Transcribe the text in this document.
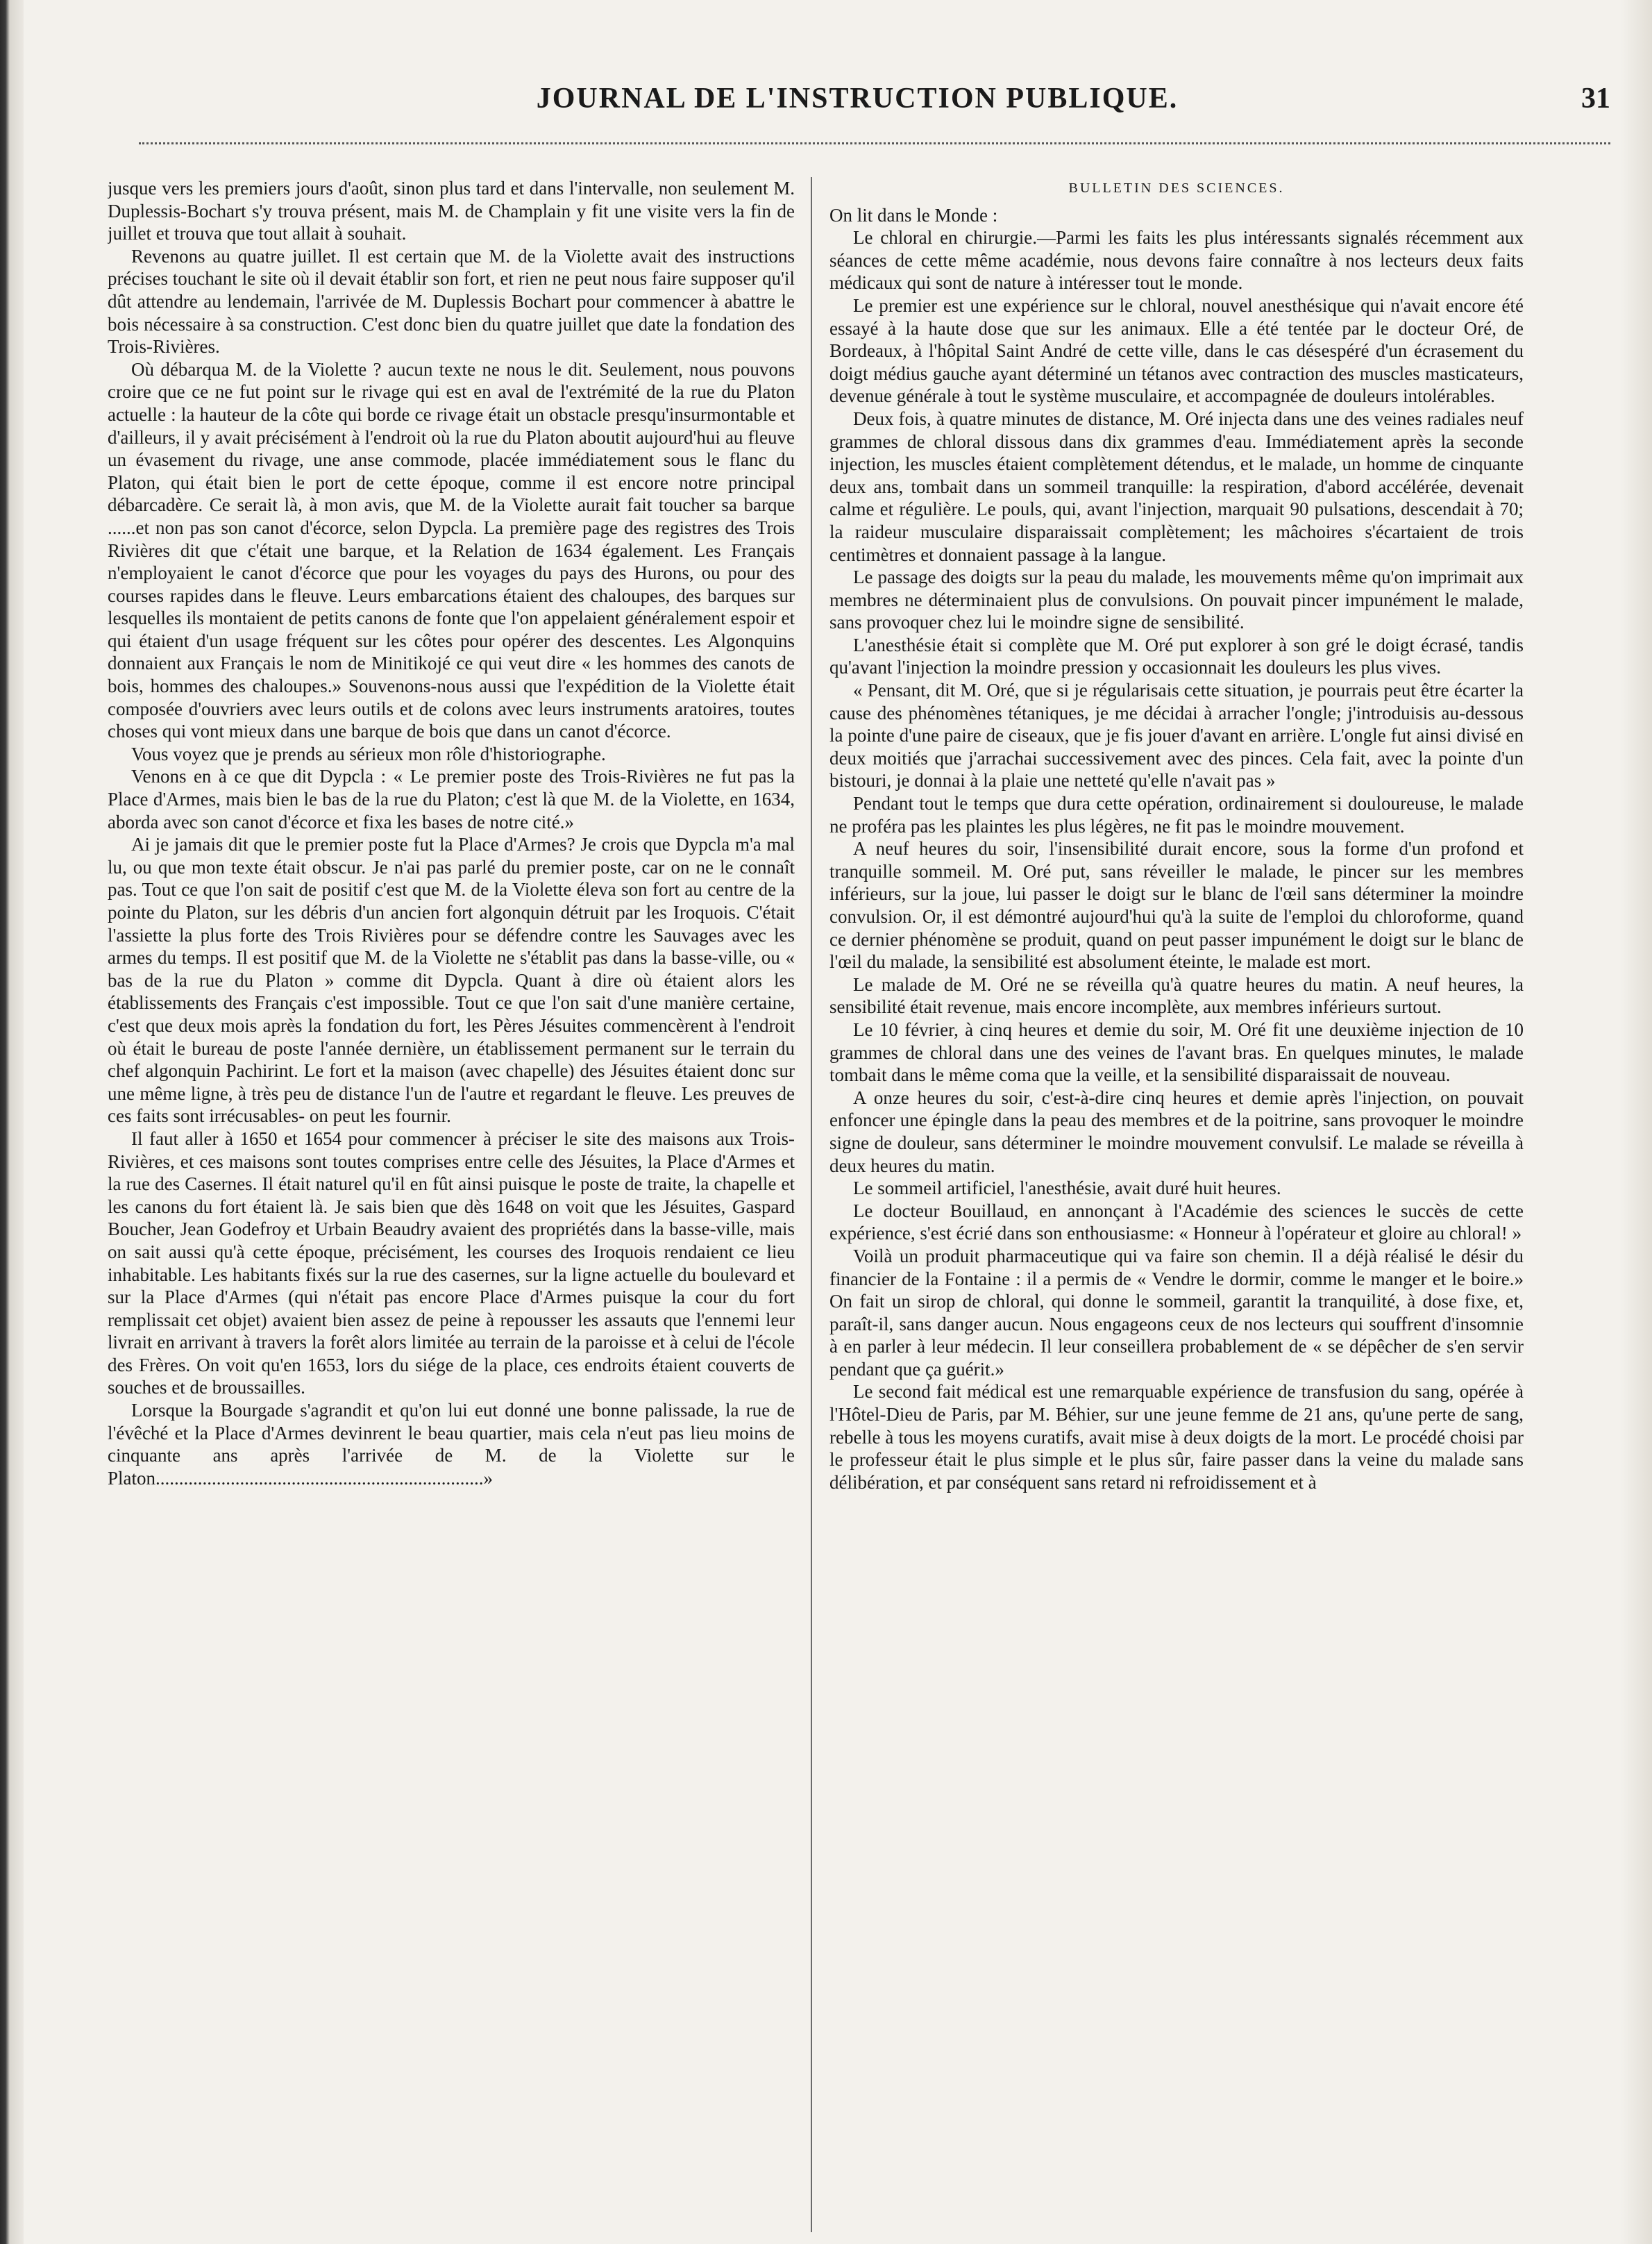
JOURNAL DE L'INSTRUCTION PUBLIQUE.	31

jusque vers les premiers jours d'août, sinon plus tard et dans l'intervalle, non seulement M. Duplessis-Bochart s'y trouva présent, mais M. de Champlain y fit une visite vers la fin de juillet et trouva que tout allait à souhait.

Revenons au quatre juillet. Il est certain que M. de la Violette avait des instructions précises touchant le site où il devait établir son fort, et rien ne peut nous faire supposer qu'il dût attendre au lendemain, l'arrivée de M. Duplessis Bochart pour commencer à abattre le bois nécessaire à sa construction. C'est donc bien du quatre juillet que date la fondation des Trois-Rivières.

Où débarqua M. de la Violette ? aucun texte ne nous le dit. Seulement, nous pouvons croire que ce ne fut point sur le rivage qui est en aval de l'extrémité de la rue du Platon actuelle : la hauteur de la côte qui borde ce rivage était un obstacle presqu'insurmontable et d'ailleurs, il y avait précisément à l'endroit où la rue du Platon aboutit aujourd'hui au fleuve un évasement du rivage, une anse commode, placée immédiatement sous le flanc du Platon, qui était bien le port de cette époque, comme il est encore notre principal débarcadère. Ce serait là, à mon avis, que M. de la Violette aurait fait toucher sa barque ......et non pas son canot d'écorce, selon Dypcla. La première page des registres des Trois Rivières dit que c'était une barque, et la Relation de 1634 également. Les Français n'employaient le canot d'écorce que pour les voyages du pays des Hurons, ou pour des courses rapides dans le fleuve. Leurs embarcations étaient des chaloupes, des barques sur lesquelles ils montaient de petits canons de fonte que l'on appelaient généralement espoir et qui étaient d'un usage fréquent sur les côtes pour opérer des descentes. Les Algonquins donnaient aux Français le nom de Minitikojé ce qui veut dire « les hommes des canots de bois, hommes des chaloupes.» Souvenons-nous aussi que l'expédition de la Violette était composée d'ouvriers avec leurs outils et de colons avec leurs instruments aratoires, toutes choses qui vont mieux dans une barque de bois que dans un canot d'écorce.

Vous voyez que je prends au sérieux mon rôle d'historiographe.

Venons en à ce que dit Dypcla : « Le premier poste des Trois-Rivières ne fut pas la Place d'Armes, mais bien le bas de la rue du Platon; c'est là que M. de la Violette, en 1634, aborda avec son canot d'écorce et fixa les bases de notre cité.»

Ai je jamais dit que le premier poste fut la Place d'Armes? Je crois que Dypcla m'a mal lu, ou que mon texte était obscur. Je n'ai pas parlé du premier poste, car on ne le connaît pas. Tout ce que l'on sait de positif c'est que M. de la Violette éleva son fort au centre de la pointe du Platon, sur les débris d'un ancien fort algonquin détruit par les Iroquois. C'était l'assiette la plus forte des Trois Rivières pour se défendre contre les Sauvages avec les armes du temps. Il est positif que M. de la Violette ne s'établit pas dans la basse-ville, ou « bas de la rue du Platon » comme dit Dypcla. Quant à dire où étaient alors les établissements des Français c'est impossible. Tout ce que l'on sait d'une manière certaine, c'est que deux mois après la fondation du fort, les Pères Jésuites commencèrent à l'endroit où était le bureau de poste l'année dernière, un établissement permanent sur le terrain du chef algonquin Pachirint. Le fort et la maison (avec chapelle) des Jésuites étaient donc sur une même ligne, à très peu de distance l'un de l'autre et regardant le fleuve. Les preuves de ces faits sont irrécusables- on peut les fournir.

Il faut aller à 1650 et 1654 pour commencer à préciser le site des maisons aux Trois-Rivières, et ces maisons sont toutes comprises entre celle des Jésuites, la Place d'Armes et la rue des Casernes. Il était naturel qu'il en fût ainsi puisque le poste de traite, la chapelle et les canons du fort étaient là. Je sais bien que dès 1648 on voit que les Jésuites, Gaspard Boucher, Jean Godefroy et Urbain Beaudry avaient des propriétés dans la basse-ville, mais on sait aussi qu'à cette époque, précisément, les courses des Iroquois rendaient ce lieu inhabitable. Les habitants fixés sur la rue des casernes, sur la ligne actuelle du boulevard et sur la Place d'Armes (qui n'était pas encore Place d'Armes puisque la cour du fort remplissait cet objet) avaient bien assez de peine à repousser les assauts que l'ennemi leur livrait en arrivant à travers la forêt alors limitée au terrain de la paroisse et à celui de l'école des Frères. On voit qu'en 1653, lors du siége de la place, ces endroits étaient couverts de souches et de broussailles.

Lorsque la Bourgade s'agrandit et qu'on lui eut donné une bonne palissade, la rue de l'évêché et la Place d'Armes devinrent le beau quartier, mais cela n'eut pas lieu moins de cinquante ans après l'arrivée de M. de la Violette sur le Platon......................................................................»

BULLETIN DES SCIENCES.

On lit dans le Monde :

Le chloral en chirurgie.—Parmi les faits les plus intéressants signalés récemment aux séances de cette même académie, nous devons faire connaître à nos lecteurs deux faits médicaux qui sont de nature à intéresser tout le monde.

Le premier est une expérience sur le chloral, nouvel anesthésique qui n'avait encore été essayé à la haute dose que sur les animaux. Elle a été tentée par le docteur Oré, de Bordeaux, à l'hôpital Saint André de cette ville, dans le cas désespéré d'un écrasement du doigt médius gauche ayant déterminé un tétanos avec contraction des muscles masticateurs, devenue générale à tout le système musculaire, et accompagnée de douleurs intolérables.

Deux fois, à quatre minutes de distance, M. Oré injecta dans une des veines radiales neuf grammes de chloral dissous dans dix grammes d'eau. Immédiatement après la seconde injection, les muscles étaient complètement détendus, et le malade, un homme de cinquante deux ans, tombait dans un sommeil tranquille: la respiration, d'abord accélérée, devenait calme et régulière. Le pouls, qui, avant l'injection, marquait 90 pulsations, descendait à 70; la raideur musculaire disparaissait complètement; les mâchoires s'écartaient de trois centimètres et donnaient passage à la langue.

Le passage des doigts sur la peau du malade, les mouvements même qu'on imprimait aux membres ne déterminaient plus de convulsions. On pouvait pincer impunément le malade, sans provoquer chez lui le moindre signe de sensibilité.

L'anesthésie était si complète que M. Oré put explorer à son gré le doigt écrasé, tandis qu'avant l'injection la moindre pression y occasionnait les douleurs les plus vives.

« Pensant, dit M. Oré, que si je régularisais cette situation, je pourrais peut être écarter la cause des phénomènes tétaniques, je me décidai à arracher l'ongle; j'introduisis au-dessous la pointe d'une paire de ciseaux, que je fis jouer d'avant en arrière. L'ongle fut ainsi divisé en deux moitiés que j'arrachai successivement avec des pinces. Cela fait, avec la pointe d'un bistouri, je donnai à la plaie une netteté qu'elle n'avait pas »

Pendant tout le temps que dura cette opération, ordinairement si douloureuse, le malade ne proféra pas les plaintes les plus légères, ne fit pas le moindre mouvement.

A neuf heures du soir, l'insensibilité durait encore, sous la forme d'un profond et tranquille sommeil. M. Oré put, sans réveiller le malade, le pincer sur les membres inférieurs, sur la joue, lui passer le doigt sur le blanc de l'œil sans déterminer la moindre convulsion. Or, il est démontré aujourd'hui qu'à la suite de l'emploi du chloroforme, quand ce dernier phénomène se produit, quand on peut passer impunément le doigt sur le blanc de l'œil du malade, la sensibilité est absolument éteinte, le malade est mort.

Le malade de M. Oré ne se réveilla qu'à quatre heures du matin. A neuf heures, la sensibilité était revenue, mais encore incomplète, aux membres inférieurs surtout.

Le 10 février, à cinq heures et demie du soir, M. Oré fit une deuxième injection de 10 grammes de chloral dans une des veines de l'avant bras. En quelques minutes, le malade tombait dans le même coma que la veille, et la sensibilité disparaissait de nouveau.

A onze heures du soir, c'est-à-dire cinq heures et demie après l'injection, on pouvait enfoncer une épingle dans la peau des membres et de la poitrine, sans provoquer le moindre signe de douleur, sans déterminer le moindre mouvement convulsif. Le malade se réveilla à deux heures du matin.

Le sommeil artificiel, l'anesthésie, avait duré huit heures.

Le docteur Bouillaud, en annonçant à l'Académie des sciences le succès de cette expérience, s'est écrié dans son enthousiasme: « Honneur à l'opérateur et gloire au chloral! »

Voilà un produit pharmaceutique qui va faire son chemin. Il a déjà réalisé le désir du financier de la Fontaine : il a permis de « Vendre le dormir, comme le manger et le boire.» On fait un sirop de chloral, qui donne le sommeil, garantit la tranquilité, à dose fixe, et, paraît-il, sans danger aucun. Nous engageons ceux de nos lecteurs qui souffrent d'insomnie à en parler à leur médecin. Il leur conseillera probablement de « se dépêcher de s'en servir pendant que ça guérit.»

Le second fait médical est une remarquable expérience de transfusion du sang, opérée à l'Hôtel-Dieu de Paris, par M. Béhier, sur une jeune femme de 21 ans, qu'une perte de sang, rebelle à tous les moyens curatifs, avait mise à deux doigts de la mort. Le procédé choisi par le professeur était le plus simple et le plus sûr, faire passer dans la veine du malade sans délibération, et par conséquent sans retard ni refroidissement et à
